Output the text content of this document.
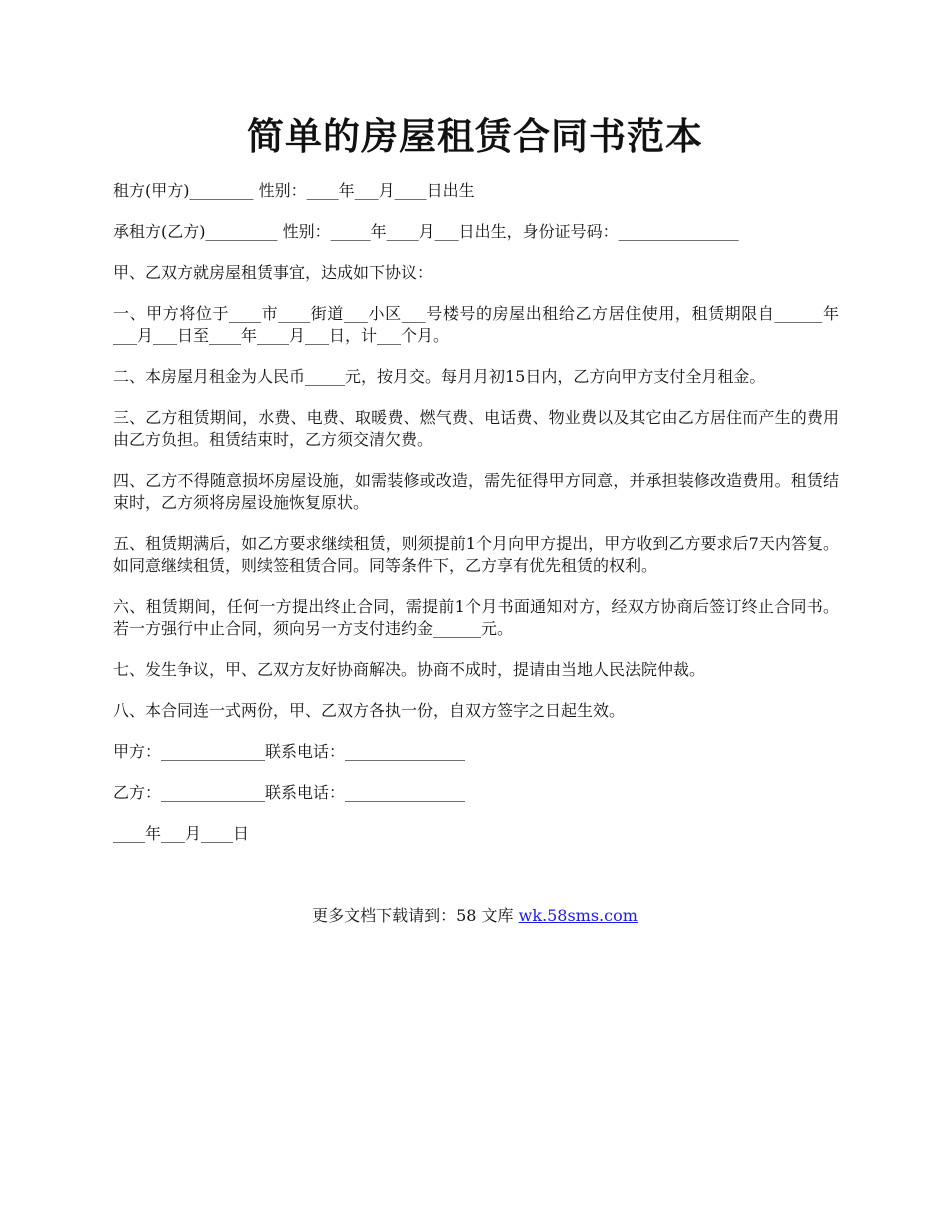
简单的房屋租赁合同书范本

租方(甲方)________ 性别：____年___月____日出生

承租方(乙方)_________ 性别：_____年____月___日出生，身份证号码：_______________

甲、乙双方就房屋租赁事宜，达成如下协议：

一、甲方将位于____市____街道___小区___号楼号的房屋出租给乙方居住使用，租赁期限自______年___月___日至____年____月___日，计___个月。

二、本房屋月租金为人民币_____元，按月交。每月月初15日内，乙方向甲方支付全月租金。

三、乙方租赁期间，水费、电费、取暖费、燃气费、电话费、物业费以及其它由乙方居住而产生的费用由乙方负担。租赁结束时，乙方须交清欠费。

四、乙方不得随意损坏房屋设施，如需装修或改造，需先征得甲方同意，并承担装修改造费用。租赁结束时，乙方须将房屋设施恢复原状。

五、租赁期满后，如乙方要求继续租赁，则须提前1个月向甲方提出，甲方收到乙方要求后7天内答复。如同意继续租赁，则续签租赁合同。同等条件下，乙方享有优先租赁的权利。

六、租赁期间，任何一方提出终止合同，需提前1个月书面通知对方，经双方协商后签订终止合同书。若一方强行中止合同，须向另一方支付违约金______元。

七、发生争议，甲、乙双方友好协商解决。协商不成时，提请由当地人民法院仲裁。

八、本合同连一式两份，甲、乙双方各执一份，自双方签字之日起生效。

甲方：_____________联系电话：_______________

乙方：_____________联系电话：_______________

____年___月____日

更多文档下载请到：58 文库 wk.58sms.com
